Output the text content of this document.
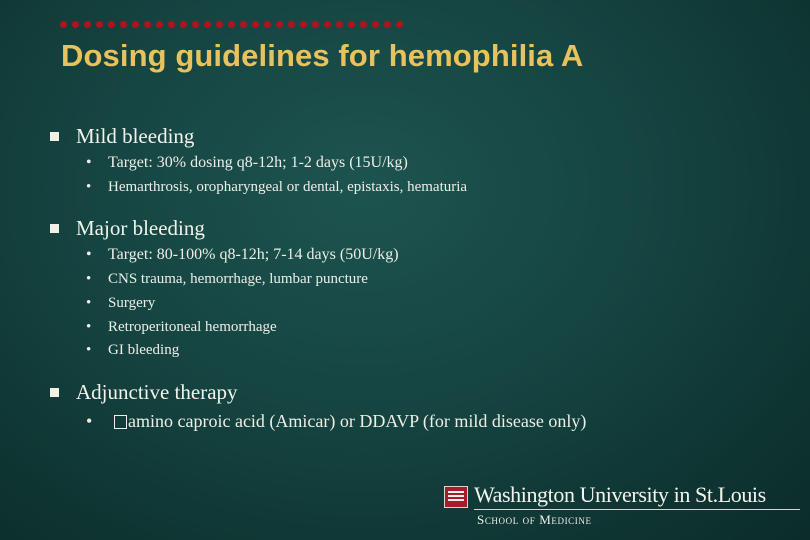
Dosing guidelines for hemophilia A
Mild bleeding
• Target: 30% dosing q8-12h; 1-2 days (15U/kg)
• Hemarthrosis, oropharyngeal or dental, epistaxis, hematuria
Major bleeding
• Target: 80-100% q8-12h; 7-14 days (50U/kg)
• CNS trauma, hemorrhage, lumbar puncture
• Surgery
• Retroperitoneal hemorrhage
• GI bleeding
Adjunctive therapy
•	amino caproic acid (Amicar) or DDAVP (for mild disease only)
Washington University in St.Louis
School of Medicine
